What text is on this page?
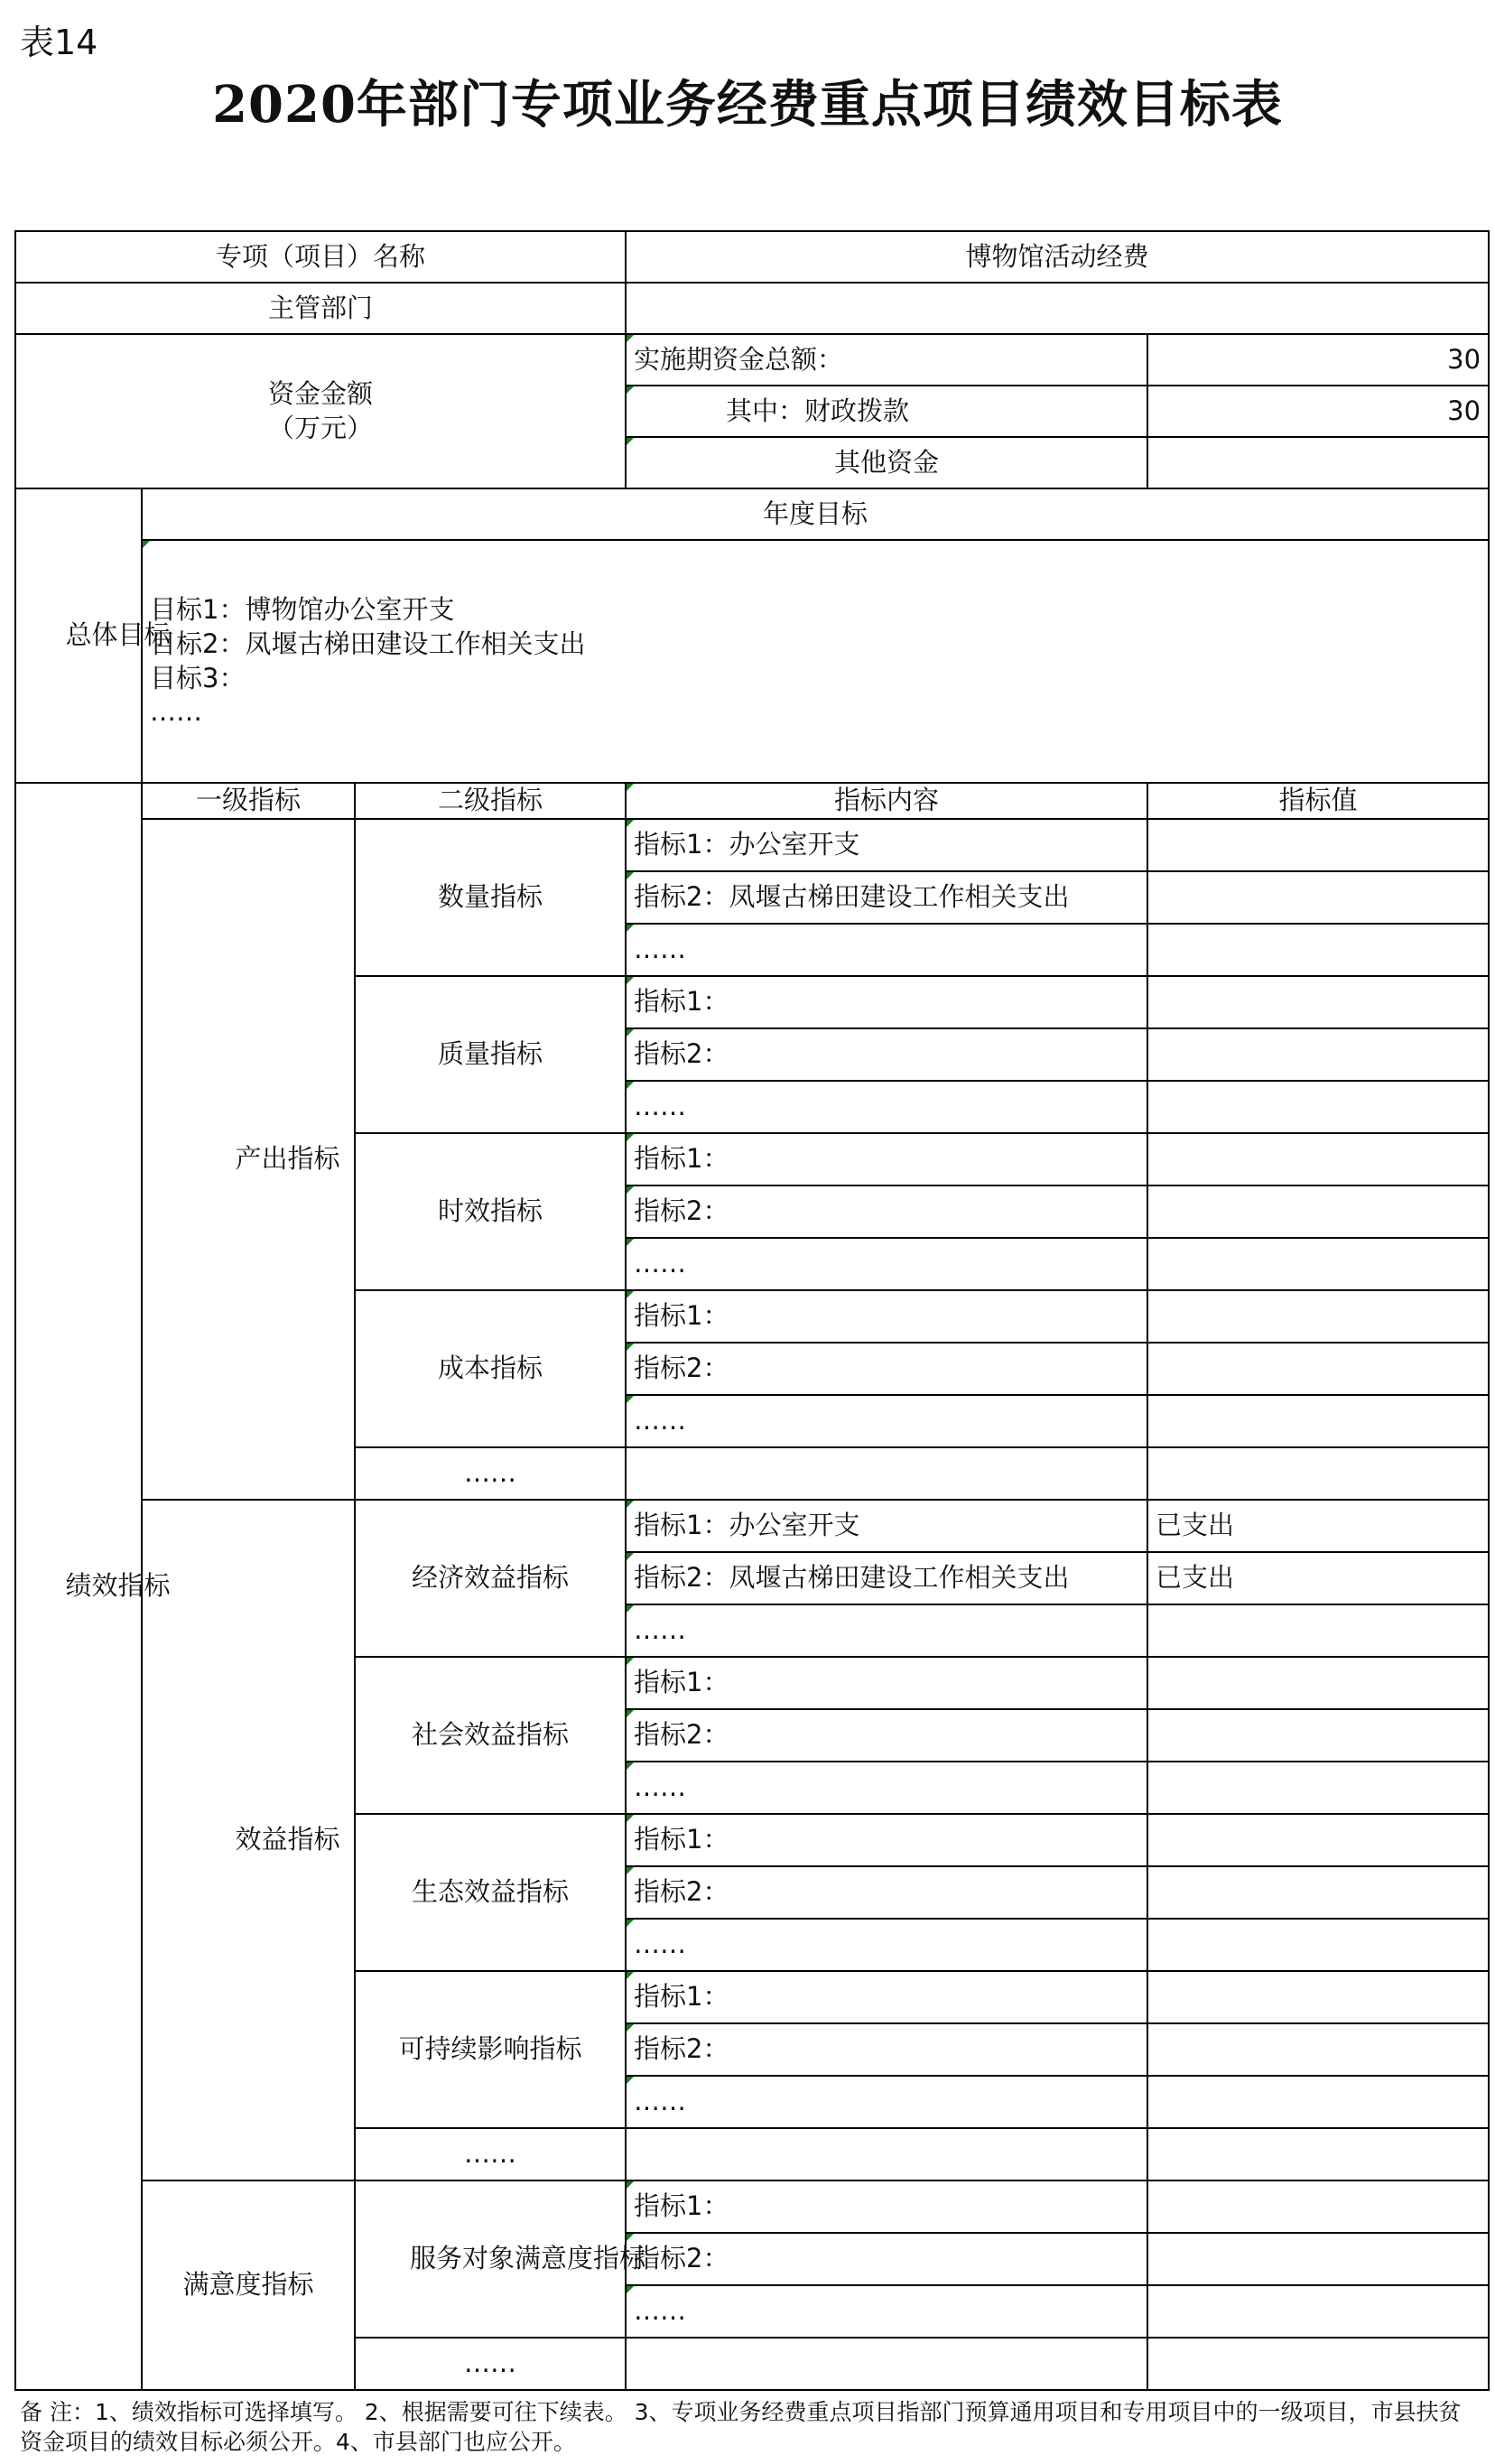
表14
2020年部门专项业务经费重点项目绩效目标表
专项（项目）名称			博物馆活动经费	
主管部门				

资金金额
（万元）			实施期资金总额：	30
			其中：财政拨款	30
			其他资金	

总体目标	年度目标			

	目标1：博物馆办公室开支
目标2：凤堰古梯田建设工作相关支出
目标3：
……			

绩效指标	一级指标	二级指标	指标内容	指标值

	产出指标	数量指标	指标1：办公室开支	
			指标2：凤堰古梯田建设工作相关支出	
			……	
		质量指标	指标1：	
			指标2：	
			……	
		时效指标	指标1：	
			指标2：	
			……	
		成本指标	指标1：	
			指标2：	
			……	
		……		

	效益指标	经济效益指标	指标1：办公室开支	已支出
			指标2：凤堰古梯田建设工作相关支出	已支出
			……	
		社会效益指标	指标1：	
			指标2：	
			……	
		生态效益指标	指标1：	
			指标2：	
			……	
		可持续影响指标	指标1：	
			指标2：	
			……	
		……		
	满意度指标	服务对象满意度指标	指标1：	
			指标2：	
			……	
		……		
备 注：1、绩效指标可选择填写。 2、根据需要可往下续表。 3、专项业务经费重点项目指部门预算通用项目和专用项目中的一级项目，市县扶贫资金项目的绩效目标必须公开。4、市县部门也应公开。
